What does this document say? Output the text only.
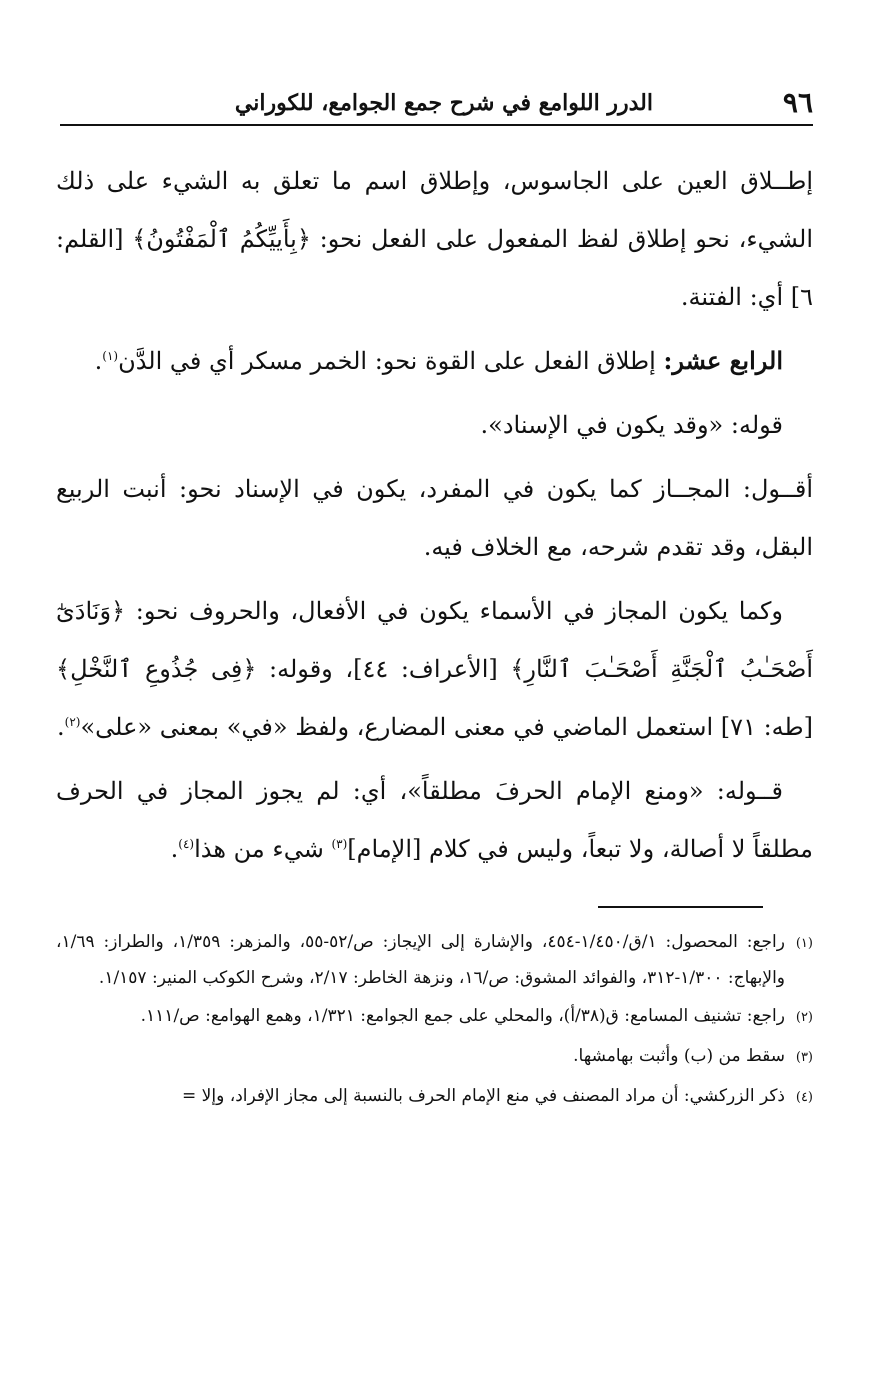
٩٦
الدرر اللوامع في شرح جمع الجوامع، للكوراني

إطــلاق العين على الجاسوس، وإطلاق اسم ما تعلق به الشيء على ذلك الشيء، نحو إطلاق لفظ المفعول على الفعل نحو: ﴿بِأَييِّكُمُ ٱلْمَفْتُونُ﴾ [القلم: ٦] أي: الفتنة.

الرابع عشر: إطلاق الفعل على القوة نحو: الخمر مسكر أي في الدَّن$^{(١)}$.

قوله: «وقد يكون في الإسناد».

أقــول: المجــاز كما يكون في المفرد، يكون في الإسناد نحو: أنبت الربيع البقل، وقد تقدم شرحه، مع الخلاف فيه.

وكما يكون المجاز في الأسماء يكون في الأفعال، والحروف نحو: ﴿وَنَادَىٰٓ أَصْحَـٰبُ ٱلْجَنَّةِ أَصْحَـٰبَ ٱلنَّارِ﴾ [الأعراف: ٤٤]، وقوله: ﴿فِى جُذُوعِ ٱلنَّخْلِ﴾ [طه: ٧١] استعمل الماضي في معنى المضارع، ولفظ «في» بمعنى «على»$^{(٢)}$.

قــوله: «ومنع الإمام الحرفَ مطلقاً»، أي: لم يجوز المجاز في الحرف مطلقاً لا أصالة، ولا تبعاً، وليس في كلام [الإمام]$^{(٣)}$ شيء من هذا$^{(٤)}$.

(١)راجع: المحصول: ١/ق/١/٤٥٠-٤٥٤، والإشارة إلى الإيجاز: ص/٥٢-٥٥، والمزهر: ١/٣٥٩، والطراز: ١/٦٩، والإبهاج: ١/٣٠٠-٣١٢، والفوائد المشوق: ص/١٦، ونزهة الخاطر: ٢/١٧، وشرح الكوكب المنير: ١/١٥٧.

(٢)راجع: تشنيف المسامع: ق(٣٨/أ)، والمحلي على جمع الجوامع: ١/٣٢١، وهمع الهوامع: ص/١١١.

(٣)سقط من (ب) وأثبت بهامشها.

(٤)ذكر الزركشي: أن مراد المصنف في منع الإمام الحرف بالنسبة إلى مجاز الإفراد، وإلا =
